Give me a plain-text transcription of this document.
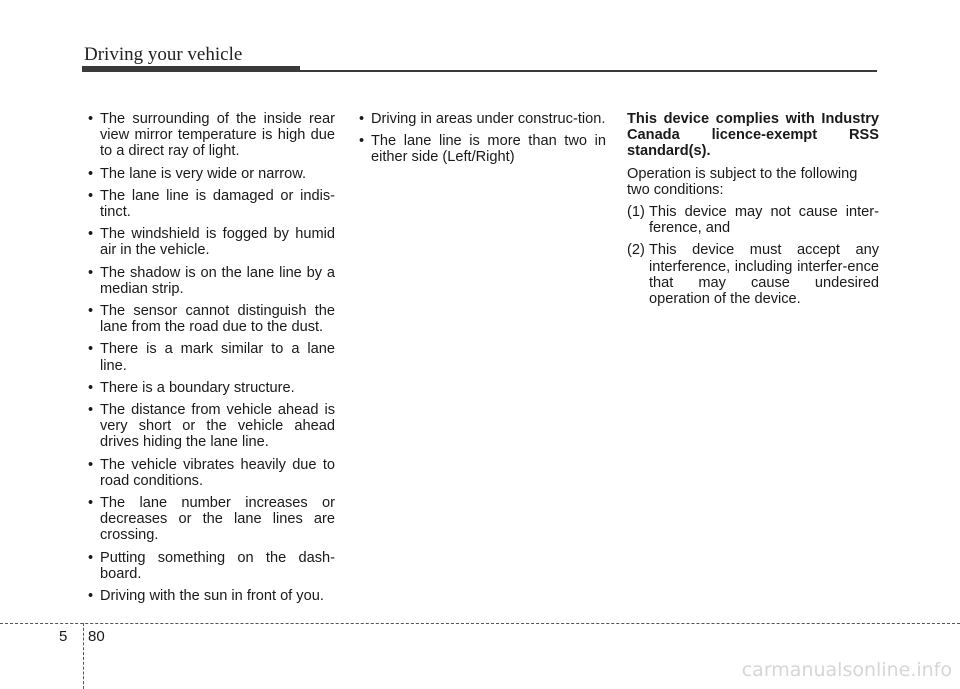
Driving your vehicle
• The surrounding of the inside rear view mirror temperature is high due to a direct ray of light.
• The lane is very wide or narrow.
• The lane line is damaged or indis-tinct.
• The windshield is fogged by humid air in the vehicle.
• The shadow is on the lane line by a median strip.
• The sensor cannot distinguish the lane from the road due to the dust.
• There is a mark similar to a lane line.
• There is a boundary structure.
• The distance from vehicle ahead is very short or the vehicle ahead drives hiding the lane line.
• The vehicle vibrates heavily due to road conditions.
• The lane number increases or decreases or the lane lines are crossing.
• Putting something on the dash-board.
• Driving with the sun in front of you.
• Driving in areas under construc-tion.
• The lane line is more than two in either side (Left/Right)

This device complies with Industry Canada licence-exempt RSS standard(s).

Operation is subject to the following two conditions:

(1) This device may not cause inter-ference, and
(2) This device must accept any interference, including interfer-ence that may cause undesired operation of the device.
5 80
carmanualsonline.info
